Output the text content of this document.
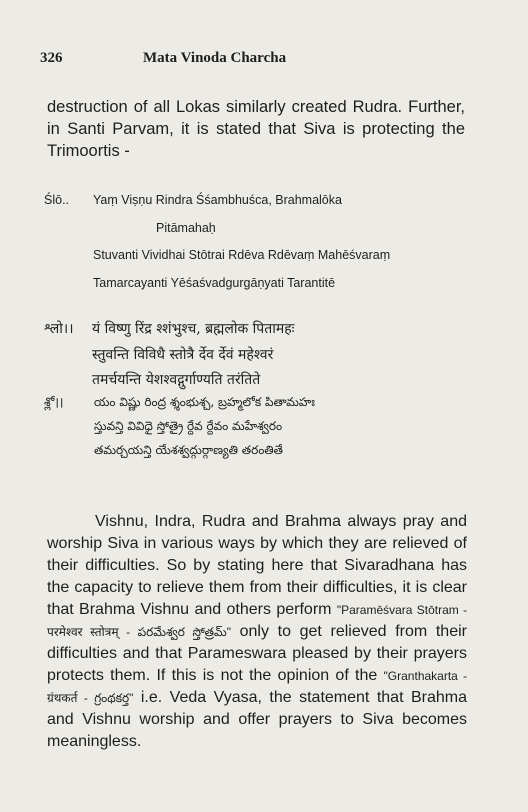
326	Mata Vinoda Charcha
destruction of all Lokas similarly created Rudra. Further, in Santi Parvam, it is stated that Siva is protecting the Trimoortis -
Ślō.. Yaṃ Viṣṇu Rindra Śśambhuśca, Brahmalōka
Pitāmahaḥ
Stuvanti Vividhai Stōtrai Rdēva Rdēvaṃ Mahēśvaraṃ
Tamarcayanti Yēśaśvadgurgāṇyati Tarantitē
श्लो।। यं विष्णु रिंद्र श्शंभुश्च, ब्रह्मलोक पितामहः
स्तुवन्ति विविधै स्तोत्रै र्देव र्देवं महेश्वरं
तमर्चयन्ति येशश्वद्गुर्गाण्यति तरंतिते
శ్లో।।	యం విష్ణు రింద్ర శ్శంభుశ్చ, బ్రహ్మలోక పితామహః
స్తువన్తి వివిధై స్తోత్రై ర్దేవ ర్దేవం మహేశ్వరం
తమర్చయన్తి యేశశ్వద్గుర్గాణ్యతి తరంతితే

Vishnu, Indra, Rudra and Brahma always pray and worship Siva in various ways by which they are relieved of their difficulties. So by stating here that Sivaradhana has the capacity to relieve them from their difficulties, it is clear that Brahma Vishnu and others perform "Paramēśvara Stōtram - परमेश्वर स्तोत्रम् - పరమేశ్వర స్తోత్రమ్" only to get relieved from their difficulties and that Parameswara pleased by their prayers protects them. If this is not the opinion of the "Granthakarta - ग्रंथकर्त - గ్రంథకర్త" i.e. Veda Vyasa, the statement that Brahma and Vishnu worship and offer prayers to Siva becomes meaningless.
